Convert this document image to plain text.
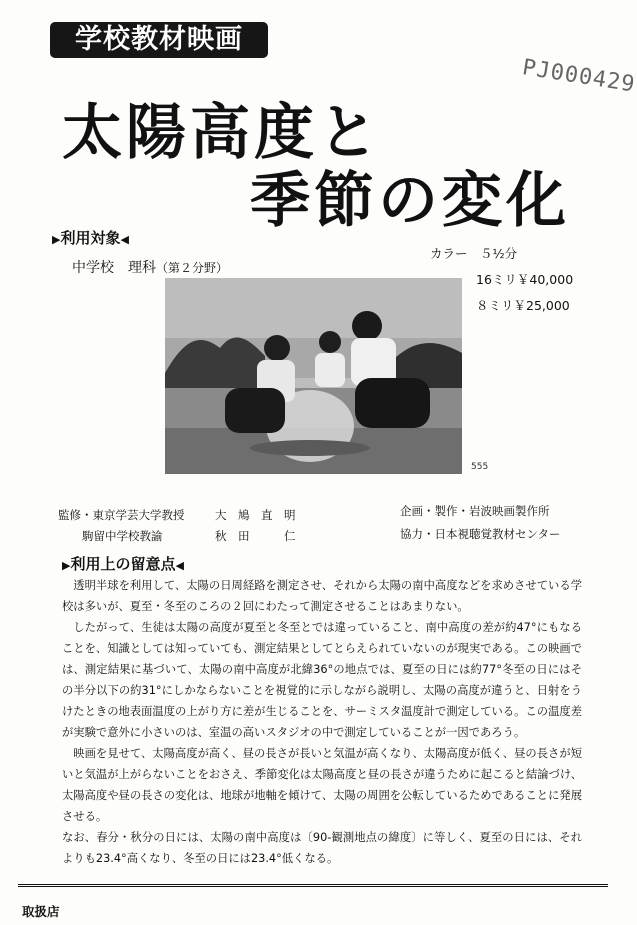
学校教材映画
PJ000429
太陽高度と
季節の変化
▶利用対象◀
中学校　理科（第２分野）
カラー　５½分
16ミリ￥40,000
８ミリ￥25,000
555
監修・東京学芸大学教授	大　鳩　直　明
駒留中学校教諭	秋　田　　　仁
企画・製作・岩波映画製作所
協力・日本視聴覚教材センター
▶利用上の留意点◀

透明半球を利用して、太陽の日周経路を測定させ、それから太陽の南中高度などを求めさせている学校は多いが、夏至・冬至のころの２回にわたって測定させることはあまりない。

したがって、生徒は太陽の高度が夏至と冬至とでは違っていること、南中高度の差が約47°にもなることを、知識としては知っていても、測定結果としてとらえられていないのが現実である。この映画では、測定結果に基づいて、太陽の南中高度が北緯36°の地点では、夏至の日には約77°冬至の日にはその半分以下の約31°にしかならないことを視覚的に示しながら説明し、太陽の高度が違うと、日射をうけたときの地表面温度の上がり方に差が生じることを、サーミスタ温度計で測定している。この温度差が実験で意外に小さいのは、室温の高いスタジオの中で測定していることが一因であろう。

映画を見せて、太陽高度が高く、昼の長さが長いと気温が高くなり、太陽高度が低く、昼の長さが短いと気温が上がらないことをおさえ、季節変化は太陽高度と昼の長さが違うために起こると結論づけ、太陽高度や昼の長さの変化は、地球が地軸を傾けて、太陽の周囲を公転しているためであることに発展させる。

なお、春分・秋分の日には、太陽の南中高度は〔90-観測地点の緯度〕に等しく、夏至の日には、それよりも23.4°高くなり、冬至の日には23.4°低くなる。

取扱店
